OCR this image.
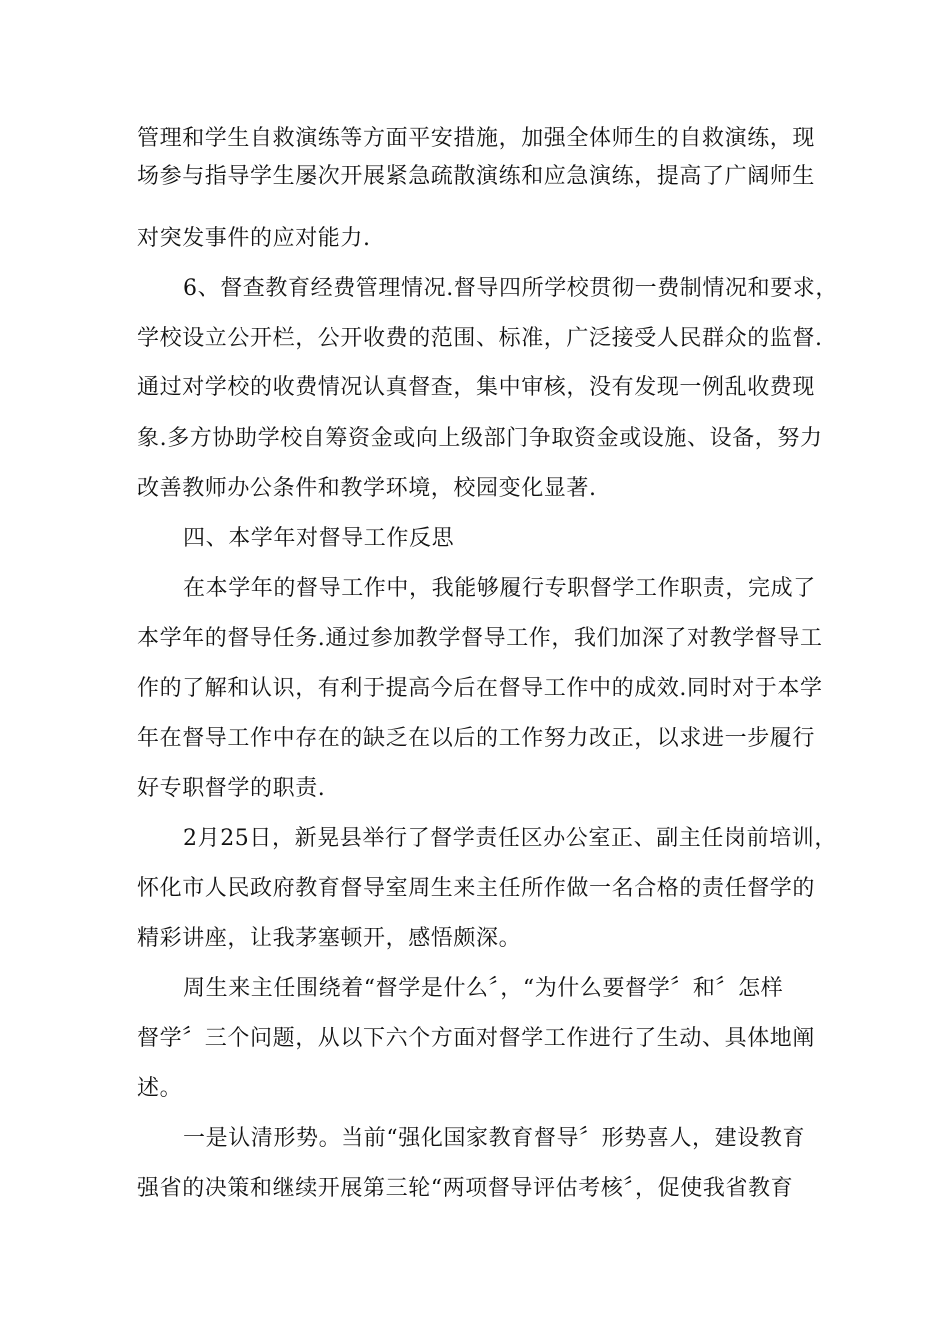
管理和学生自救演练等方面平安措施，加强全体师生的自救演练，现
场参与指导学生屡次开展紧急疏散演练和应急演练，提高了广阔师生
对突发事件的应对能力.
6、督查教育经费管理情况.督导四所学校贯彻一费制情况和要求，
学校设立公开栏，公开收费的范围、标准，广泛接受人民群众的监督.
通过对学校的收费情况认真督查，集中审核，没有发现一例乱收费现
象.多方协助学校自筹资金或向上级部门争取资金或设施、设备，努力
改善教师办公条件和教学环境，校园变化显著.
四、本学年对督导工作反思
在本学年的督导工作中，我能够履行专职督学工作职责，完成了
本学年的督导任务.通过参加教学督导工作，我们加深了对教学督导工
作的了解和认识，有利于提高今后在督导工作中的成效.同时对于本学
年在督导工作中存在的缺乏在以后的工作努力改正，以求进一步履行
好专职督学的职责.
2月25日，新晃县举行了督学责任区办公室正、副主任岗前培训，
怀化市人民政府教育督导室周生来主任所作做一名合格的责任督学的
精彩讲座，让我茅塞顿开，感悟颇深。
周生来主任围绕着“督学是什么〞，“为什么要督学〞和〞怎样
督学〞三个问题，从以下六个方面对督学工作进行了生动、具体地阐
述。
一是认清形势。当前“强化国家教育督导〞形势喜人，建设教育
强省的决策和继续开展第三轮“两项督导评估考核〞，促使我省教育
